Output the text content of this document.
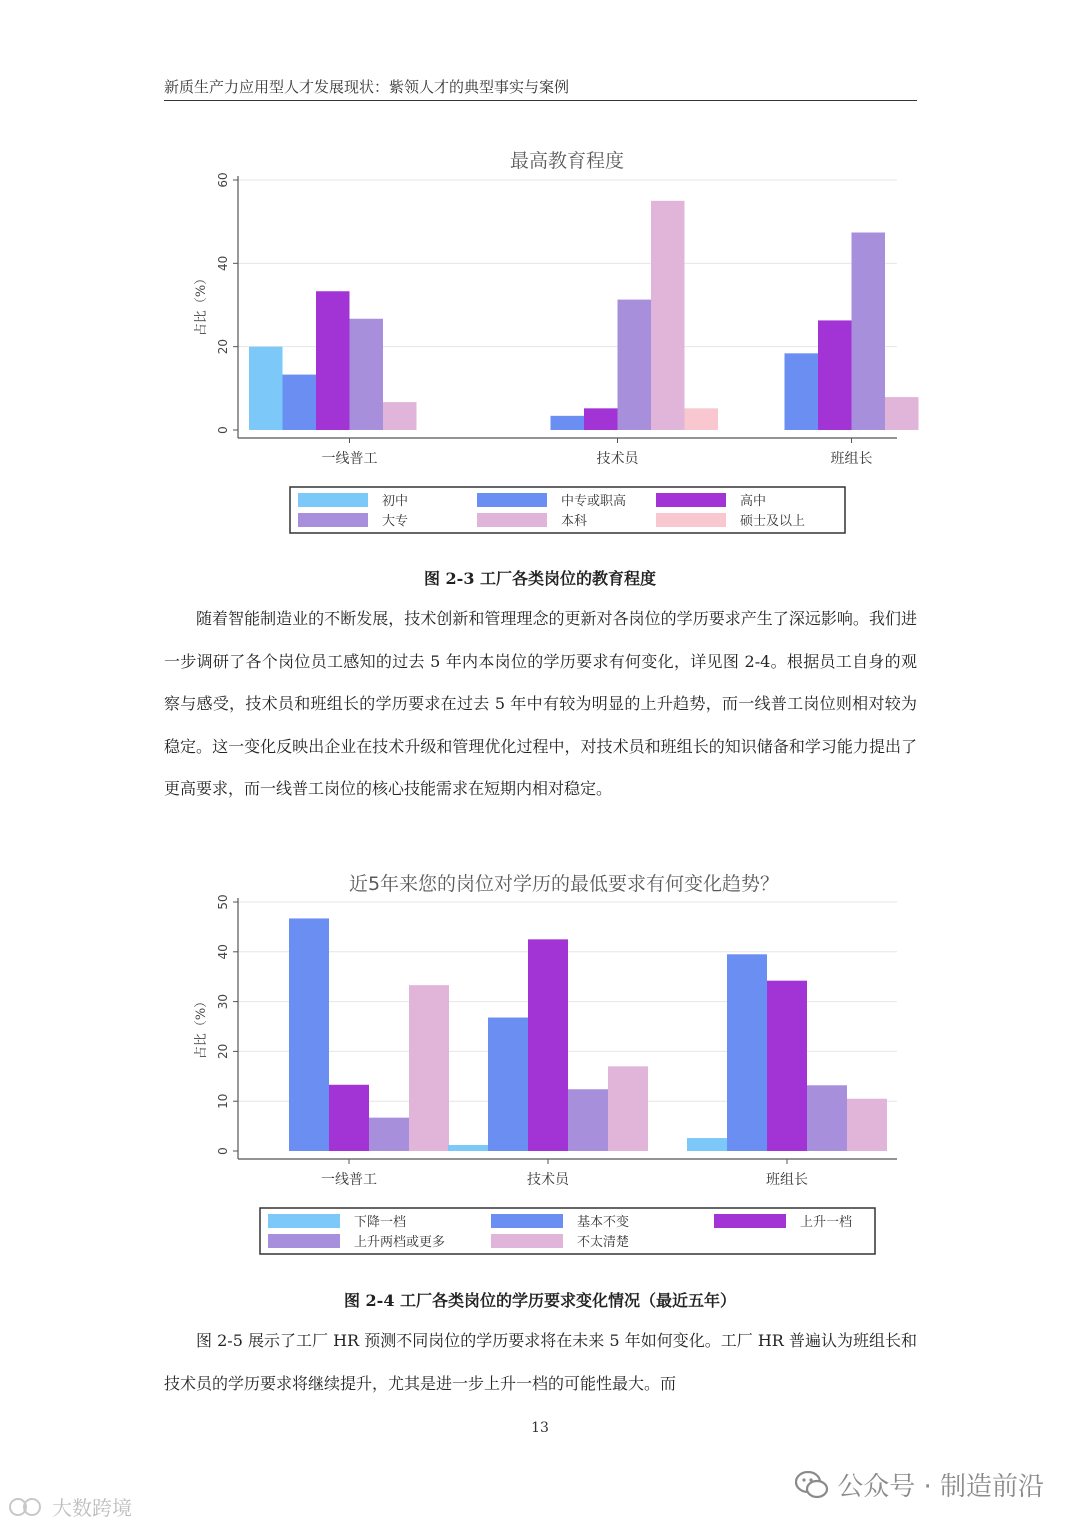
新质生产力应用型人才发展现状：紫领人才的典型事实与案例
最高教育程度
占比（%）
0
20
40
60
一线普工	技术员	班组长
初中	中专或职高	高中
大专	本科	硕士及以上
图 2-3 工厂各类岗位的教育程度

随着智能制造业的不断发展，技术创新和管理理念的更新对各岗位的学历要求产生了深远影响。我们进一步调研了各个岗位员工感知的过去 5 年内本岗位的学历要求有何变化，详见图 2-4。根据员工自身的观察与感受，技术员和班组长的学历要求在过去 5 年中有较为明显的上升趋势，而一线普工岗位则相对较为稳定。这一变化反映出企业在技术升级和管理优化过程中，对技术员和班组长的知识储备和学习能力提出了更高要求，而一线普工岗位的核心技能需求在短期内相对稳定。

近5年来您的岗位对学历的最低要求有何变化趋势？
占比（%）
0
10
20
30
40
50
一线普工	技术员	班组长
下降一档	基本不变	上升一档
上升两档或更多	不太清楚
图 2-4 工厂各类岗位的学历要求变化情况（最近五年）

图 2-5 展示了工厂 HR 预测不同岗位的学历要求将在未来 5 年如何变化。工厂 HR 普遍认为班组长和技术员的学历要求将继续提升，尤其是进一步上升一档的可能性最大。而

13
公众号 · 制造前沿
大数跨境
